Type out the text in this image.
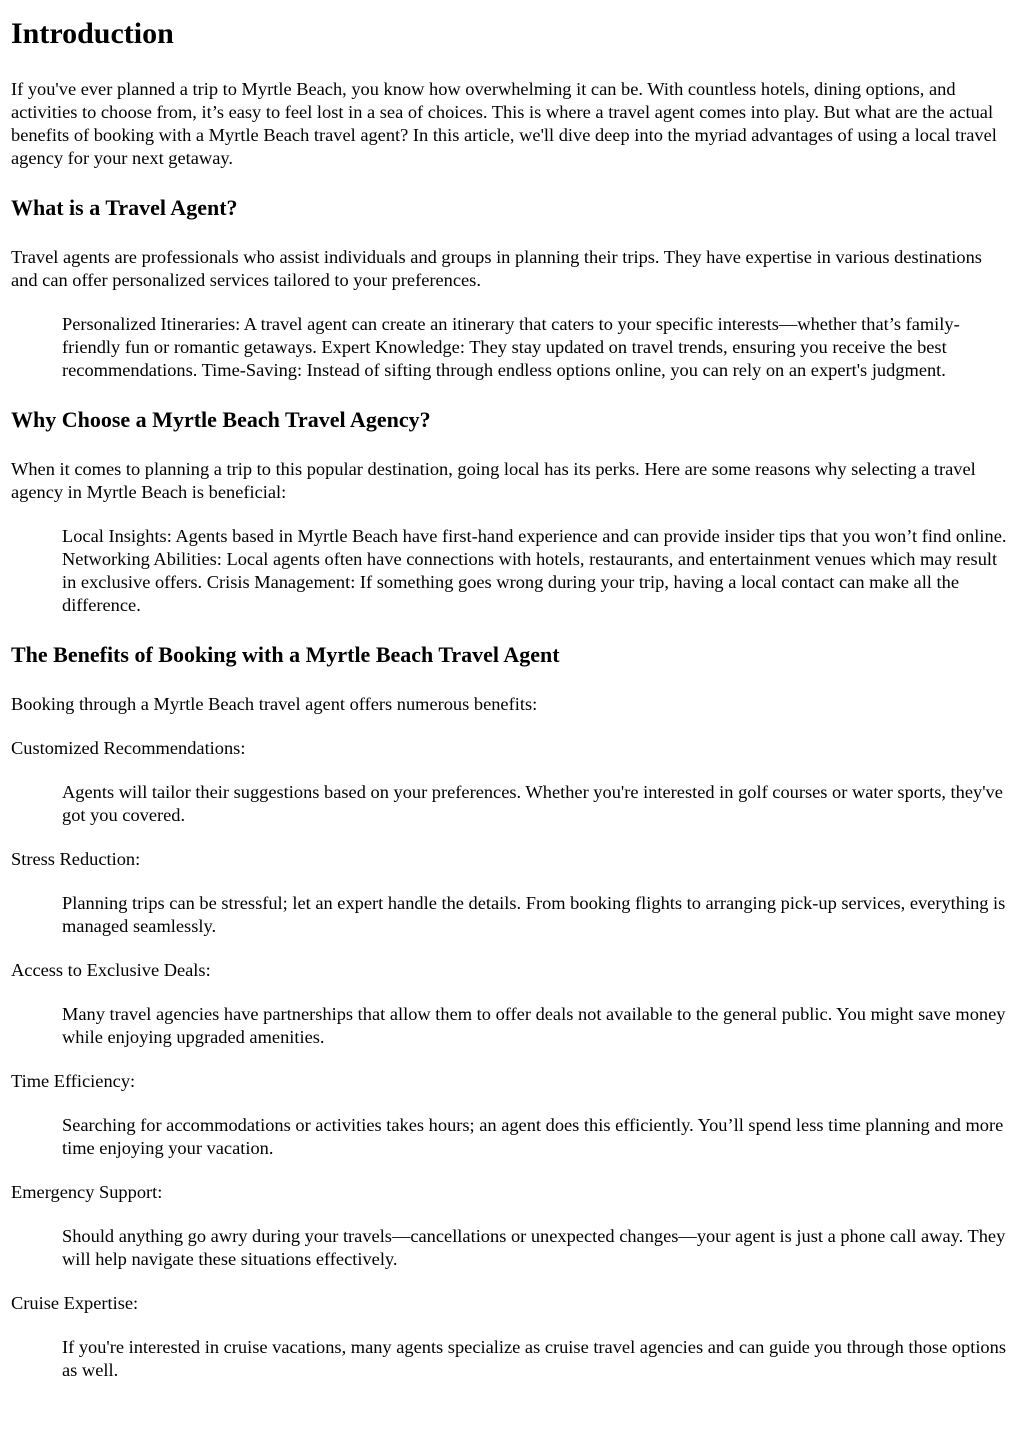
Introduction

If you've ever planned a trip to Myrtle Beach, you know how overwhelming it can be. With countless hotels, dining options, and activities to choose from, it’s easy to feel lost in a sea of choices. This is where a travel agent comes into play. But what are the actual benefits of booking with a Myrtle Beach travel agent? In this article, we'll dive deep into the myriad advantages of using a local travel agency for your next getaway.

What is a Travel Agent?

Travel agents are professionals who assist individuals and groups in planning their trips. They have expertise in various destinations and can offer personalized services tailored to your preferences.

Personalized Itineraries: A travel agent can create an itinerary that caters to your specific interests—whether that’s family-friendly fun or romantic getaways. Expert Knowledge: They stay updated on travel trends, ensuring you receive the best recommendations. Time-Saving: Instead of sifting through endless options online, you can rely on an expert's judgment.
Why Choose a Myrtle Beach Travel Agency?

When it comes to planning a trip to this popular destination, going local has its perks. Here are some reasons why selecting a travel agency in Myrtle Beach is beneficial:

Local Insights: Agents based in Myrtle Beach have first-hand experience and can provide insider tips that you won’t find online. Networking Abilities: Local agents often have connections with hotels, restaurants, and entertainment venues which may result in exclusive offers. Crisis Management: If something goes wrong during your trip, having a local contact can make all the difference.
The Benefits of Booking with a Myrtle Beach Travel Agent

Booking through a Myrtle Beach travel agent offers numerous benefits:

Customized Recommendations:

Agents will tailor their suggestions based on your preferences. Whether you're interested in golf courses or water sports, they've got you covered.

Stress Reduction:

Planning trips can be stressful; let an expert handle the details. From booking flights to arranging pick-up services, everything is managed seamlessly.

Access to Exclusive Deals:

Many travel agencies have partnerships that allow them to offer deals not available to the general public. You might save money while enjoying upgraded amenities.

Time Efficiency:

Searching for accommodations or activities takes hours; an agent does this efficiently. You’ll spend less time planning and more time enjoying your vacation.

Emergency Support:

Should anything go awry during your travels—cancellations or unexpected changes—your agent is just a phone call away. They will help navigate these situations effectively.

Cruise Expertise:

If you're interested in cruise vacations, many agents specialize as cruise travel agencies and can guide you through those options as well.
